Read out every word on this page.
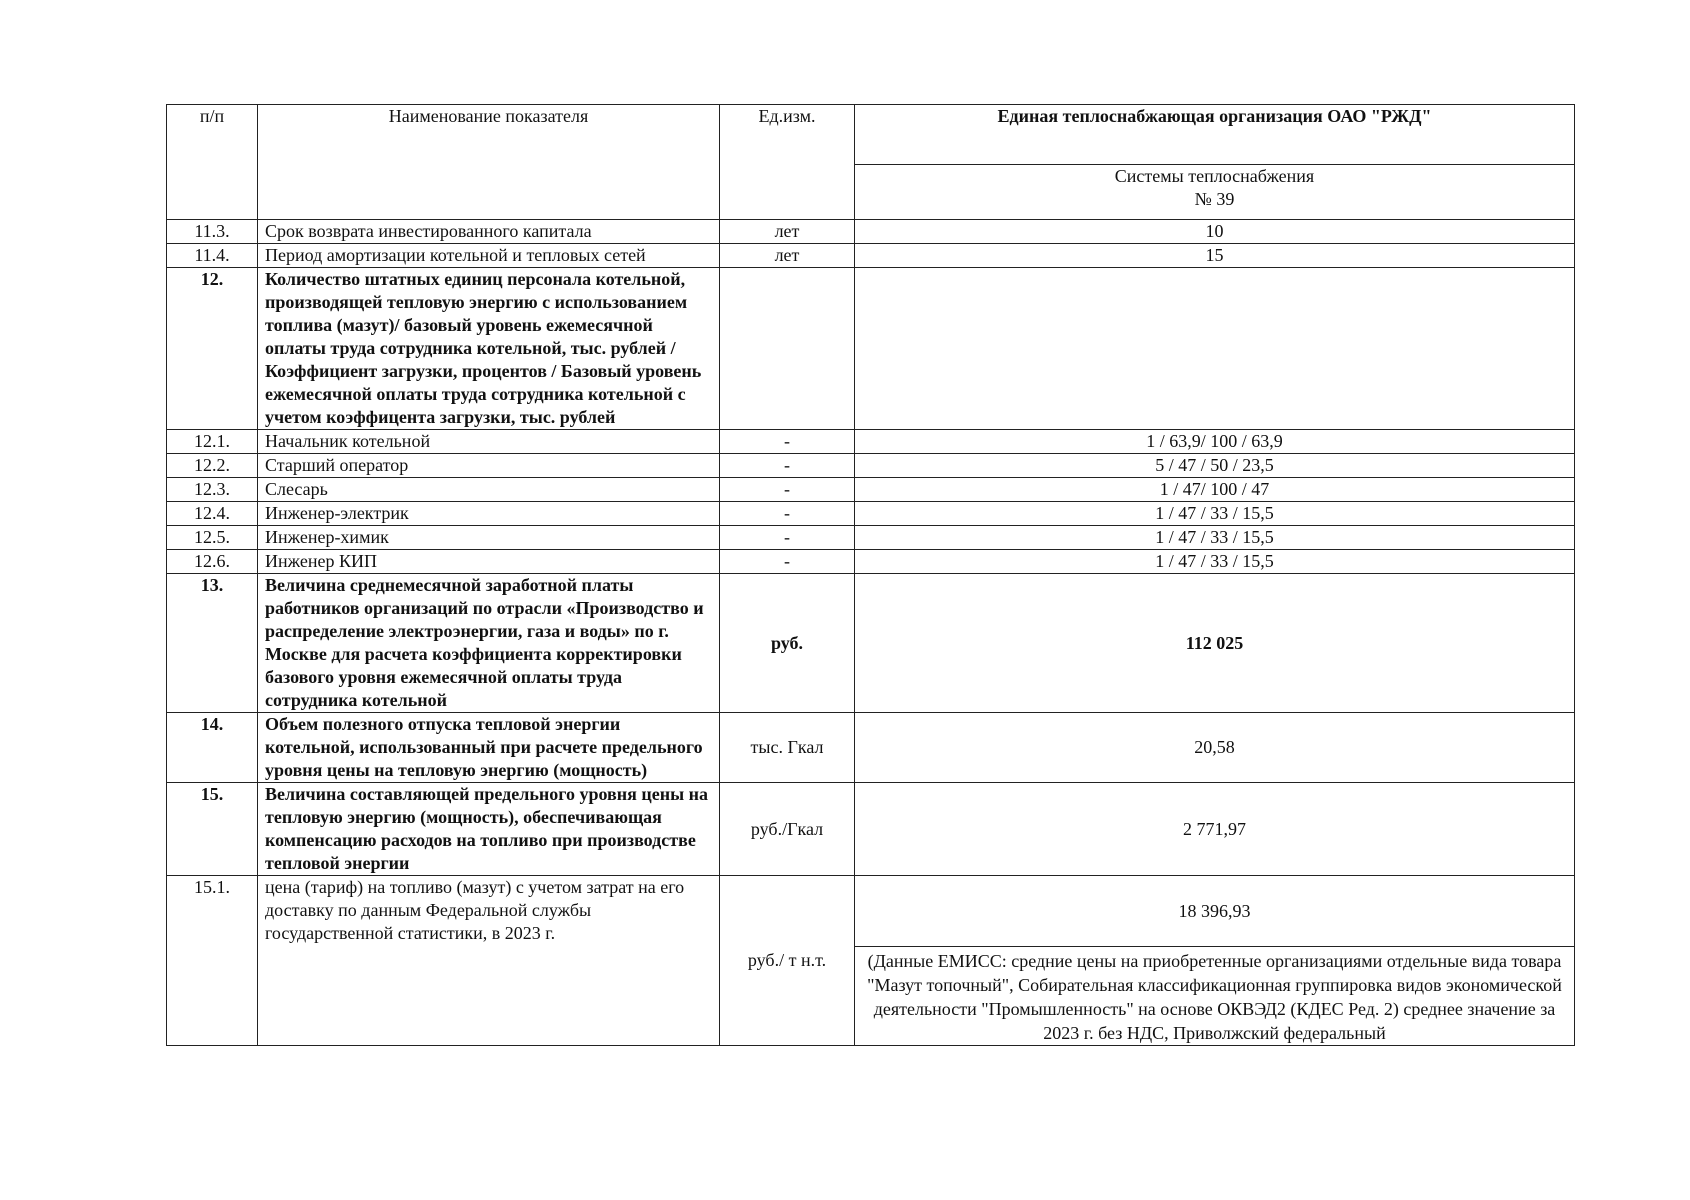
п/п	Наименование показателя	Ед.изм.	Единая теплоснабжающая организация ОАО "РЖД"

			Системы теплоснабжения
№ 39

11.3.	Срок возврата инвестированного капитала	лет	10
11.4.	Период амортизации котельной и тепловых сетей	лет	15
12.	Количество штатных единиц персонала котельной, производящей тепловую энергию с использованием топлива (мазут)/ базовый уровень ежемесячной оплаты труда сотрудника котельной, тыс. рублей / Коэффициент загрузки, процентов / Базовый уровень ежемесячной оплаты труда сотрудника котельной с учетом коэффицента загрузки, тыс. рублей		
12.1.	Начальник котельной	-	1 / 63,9/ 100 / 63,9
12.2.	Старший оператор	-	5 / 47 / 50 / 23,5
12.3.	Слесарь	-	1 / 47/ 100 / 47
12.4.	Инженер-электрик	-	1 / 47 / 33 / 15,5
12.5.	Инженер-химик	-	1 / 47 / 33 / 15,5
12.6.	Инженер КИП	-	1 / 47 / 33 / 15,5
13.	Величина среднемесячной заработной платы работников организаций по отрасли «Производство и распределение электроэнергии, газа и воды» по г. Москве для расчета коэффициента корректировки базового уровня ежемесячной оплаты труда сотрудника котельной	руб.	112 025
14.	Объем полезного отпуска тепловой энергии котельной, использованный при расчете предельного уровня цены на тепловую энергию (мощность)	тыс. Гкал	20,58
15.	Величина составляющей предельного уровня цены на тепловую энергию (мощность), обеспечивающая компенсацию расходов на топливо при производстве тепловой энергии	руб./Гкал	2 771,97
15.1.	цена (тариф) на топливо (мазут) с учетом затрат на его доставку по данным Федеральной службы государственной статистики, в 2023 г.	руб./ т н.т.	18 396,93
(Данные ЕМИСС: средние цены на приобретенные организациями отдельные вида товара "Мазут топочный", Собирательная классификационная группировка видов экономической деятельности "Промышленность" на основе ОКВЭД2 (КДЕС Ред. 2) среднее значение за 2023 г. без НДС, Приволжский федеральный
